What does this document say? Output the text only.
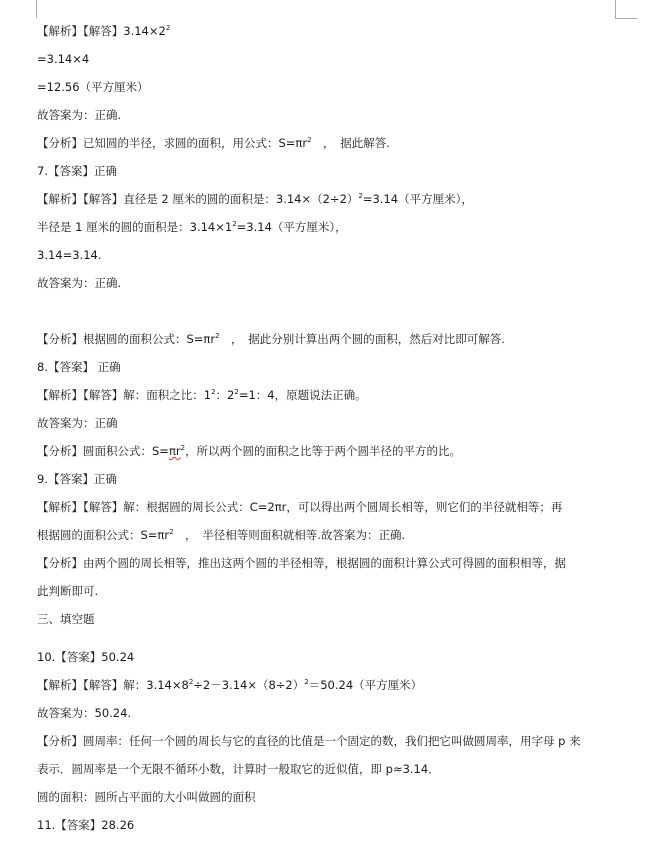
【解析】【解答】$3.14\times 2^2$
=3.14×4
=12.56（平方厘米）
故答案为：正确.
【分析】已知圆的半径，求圆的面积，用公式：$S=\pi r^2$　，　据此解答.
7.【答案】正确
【解析】【解答】直径是 2 厘米的圆的面积是：$3.14\times(2\div 2)^2=3.14$（平方厘米），
半径是 1 厘米的圆的面积是：$3.14\times 1^2=3.14$（平方厘米），
3.14=3.14.
故答案为：正确.
【分析】根据圆的面积公式：$S=\pi r^2$　，　据此分别计算出两个圆的面积，然后对比即可解答.
8.【答案】 正确
【解析】【解答】解：面积之比：$1^2$：$2^2=1$：4，原题说法正确。
故答案为：正确
【分析】圆面积公式：$S=\pi r^2$，所以两个圆的面积之比等于两个圆半径的平方的比。
9.【答案】正确
【解析】【解答】解：根据圆的周长公式：C=2πr，可以得出两个圆周长相等，则它们的半径就相等；再
根据圆的面积公式：$S=\pi r^2$　，　半径相等则面积就相等.故答案为：正确.
【分析】由两个圆的周长相等，推出这两个圆的半径相等，根据圆的面积计算公式可得圆的面积相等，据
此判断即可.
三、填空题
10.【答案】50.24
【解析】【解答】解：$3.14\times 8^2\div 2-3.14\times(8\div 2)^2=50.24$（平方厘米）
故答案为：50.24.
【分析】圆周率：任何一个圆的周长与它的直径的比值是一个固定的数，我们把它叫做圆周率，用字母 p 来
表示．圆周率是一个无限不循环小数，计算时一般取它的近似值，即 p≈3.14．
圆的面积：圆所占平面的大小叫做圆的面积
11.【答案】28.26
